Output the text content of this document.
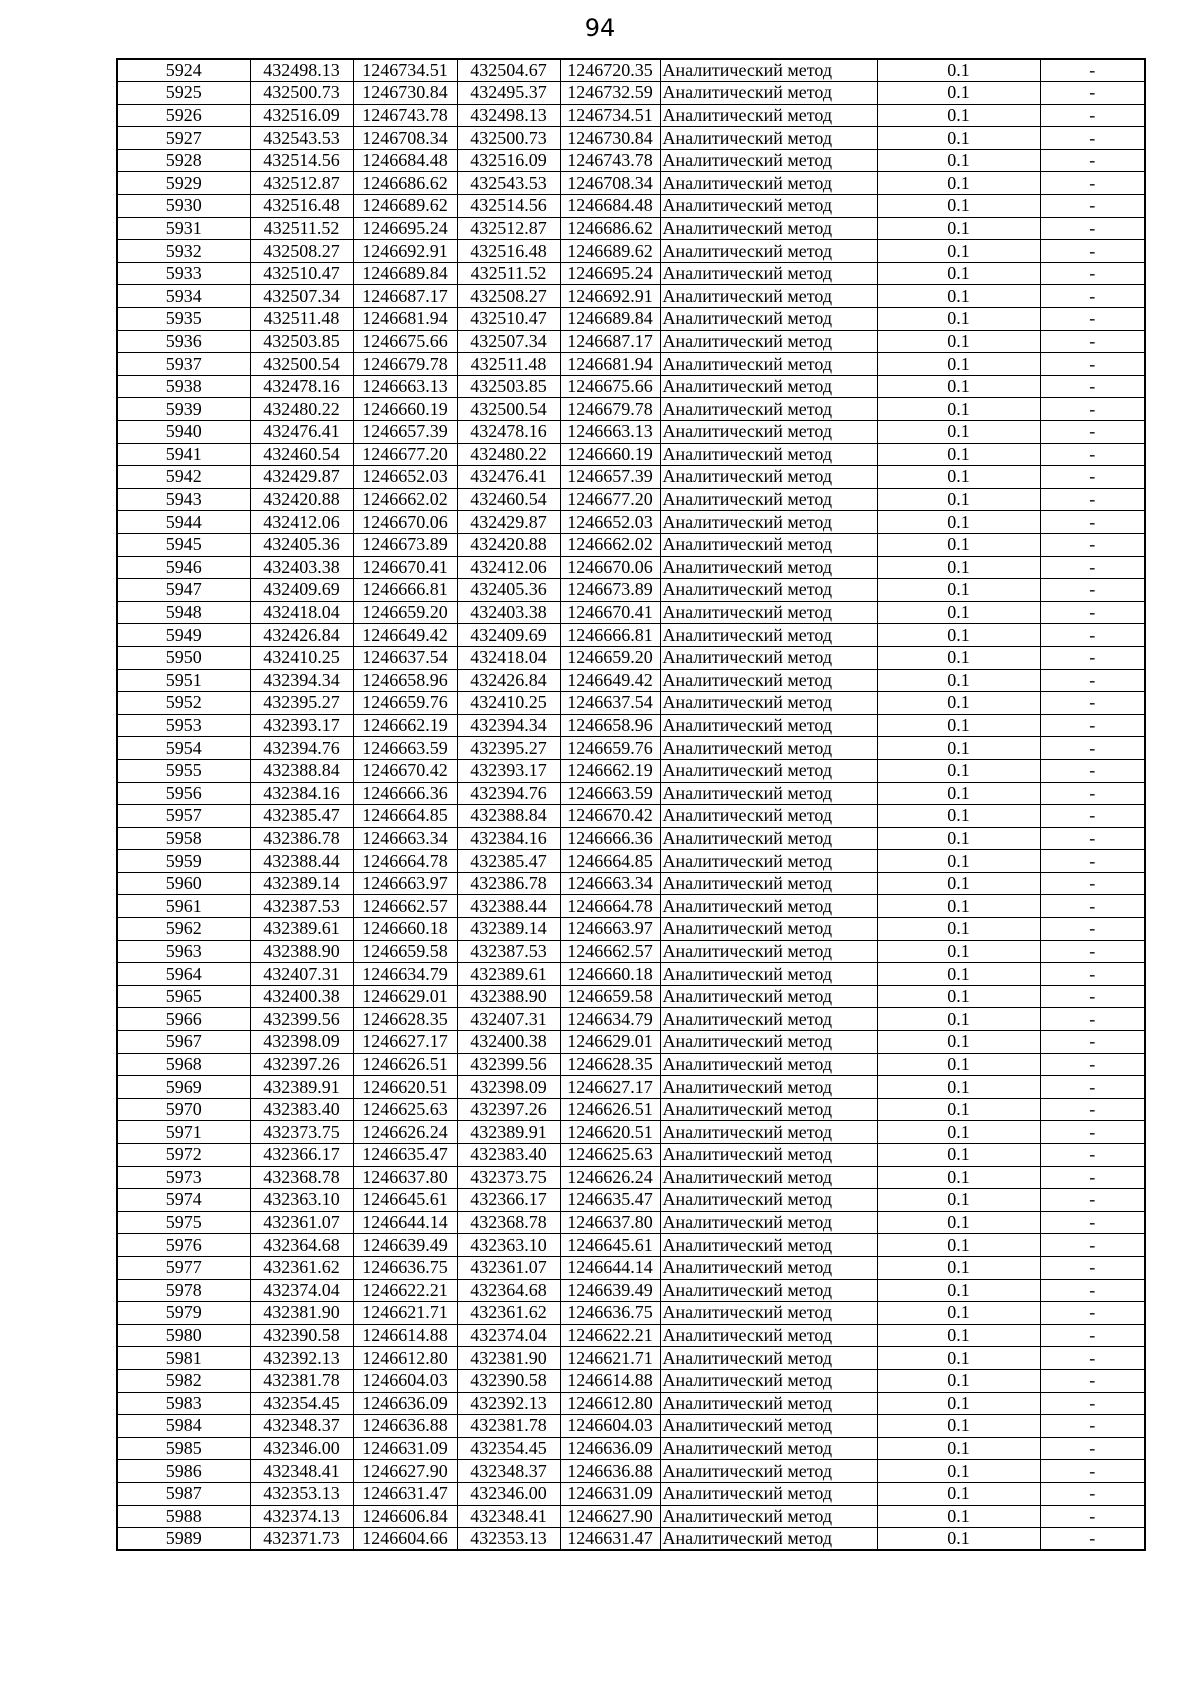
94
5924	432498.13	1246734.51	432504.67	1246720.35	Аналитический метод	0.1	-
5925	432500.73	1246730.84	432495.37	1246732.59	Аналитический метод	0.1	-
5926	432516.09	1246743.78	432498.13	1246734.51	Аналитический метод	0.1	-
5927	432543.53	1246708.34	432500.73	1246730.84	Аналитический метод	0.1	-
5928	432514.56	1246684.48	432516.09	1246743.78	Аналитический метод	0.1	-
5929	432512.87	1246686.62	432543.53	1246708.34	Аналитический метод	0.1	-
5930	432516.48	1246689.62	432514.56	1246684.48	Аналитический метод	0.1	-
5931	432511.52	1246695.24	432512.87	1246686.62	Аналитический метод	0.1	-
5932	432508.27	1246692.91	432516.48	1246689.62	Аналитический метод	0.1	-
5933	432510.47	1246689.84	432511.52	1246695.24	Аналитический метод	0.1	-
5934	432507.34	1246687.17	432508.27	1246692.91	Аналитический метод	0.1	-
5935	432511.48	1246681.94	432510.47	1246689.84	Аналитический метод	0.1	-
5936	432503.85	1246675.66	432507.34	1246687.17	Аналитический метод	0.1	-
5937	432500.54	1246679.78	432511.48	1246681.94	Аналитический метод	0.1	-
5938	432478.16	1246663.13	432503.85	1246675.66	Аналитический метод	0.1	-
5939	432480.22	1246660.19	432500.54	1246679.78	Аналитический метод	0.1	-
5940	432476.41	1246657.39	432478.16	1246663.13	Аналитический метод	0.1	-
5941	432460.54	1246677.20	432480.22	1246660.19	Аналитический метод	0.1	-
5942	432429.87	1246652.03	432476.41	1246657.39	Аналитический метод	0.1	-
5943	432420.88	1246662.02	432460.54	1246677.20	Аналитический метод	0.1	-
5944	432412.06	1246670.06	432429.87	1246652.03	Аналитический метод	0.1	-
5945	432405.36	1246673.89	432420.88	1246662.02	Аналитический метод	0.1	-
5946	432403.38	1246670.41	432412.06	1246670.06	Аналитический метод	0.1	-
5947	432409.69	1246666.81	432405.36	1246673.89	Аналитический метод	0.1	-
5948	432418.04	1246659.20	432403.38	1246670.41	Аналитический метод	0.1	-
5949	432426.84	1246649.42	432409.69	1246666.81	Аналитический метод	0.1	-
5950	432410.25	1246637.54	432418.04	1246659.20	Аналитический метод	0.1	-
5951	432394.34	1246658.96	432426.84	1246649.42	Аналитический метод	0.1	-
5952	432395.27	1246659.76	432410.25	1246637.54	Аналитический метод	0.1	-
5953	432393.17	1246662.19	432394.34	1246658.96	Аналитический метод	0.1	-
5954	432394.76	1246663.59	432395.27	1246659.76	Аналитический метод	0.1	-
5955	432388.84	1246670.42	432393.17	1246662.19	Аналитический метод	0.1	-
5956	432384.16	1246666.36	432394.76	1246663.59	Аналитический метод	0.1	-
5957	432385.47	1246664.85	432388.84	1246670.42	Аналитический метод	0.1	-
5958	432386.78	1246663.34	432384.16	1246666.36	Аналитический метод	0.1	-
5959	432388.44	1246664.78	432385.47	1246664.85	Аналитический метод	0.1	-
5960	432389.14	1246663.97	432386.78	1246663.34	Аналитический метод	0.1	-
5961	432387.53	1246662.57	432388.44	1246664.78	Аналитический метод	0.1	-
5962	432389.61	1246660.18	432389.14	1246663.97	Аналитический метод	0.1	-
5963	432388.90	1246659.58	432387.53	1246662.57	Аналитический метод	0.1	-
5964	432407.31	1246634.79	432389.61	1246660.18	Аналитический метод	0.1	-
5965	432400.38	1246629.01	432388.90	1246659.58	Аналитический метод	0.1	-
5966	432399.56	1246628.35	432407.31	1246634.79	Аналитический метод	0.1	-
5967	432398.09	1246627.17	432400.38	1246629.01	Аналитический метод	0.1	-
5968	432397.26	1246626.51	432399.56	1246628.35	Аналитический метод	0.1	-
5969	432389.91	1246620.51	432398.09	1246627.17	Аналитический метод	0.1	-
5970	432383.40	1246625.63	432397.26	1246626.51	Аналитический метод	0.1	-
5971	432373.75	1246626.24	432389.91	1246620.51	Аналитический метод	0.1	-
5972	432366.17	1246635.47	432383.40	1246625.63	Аналитический метод	0.1	-
5973	432368.78	1246637.80	432373.75	1246626.24	Аналитический метод	0.1	-
5974	432363.10	1246645.61	432366.17	1246635.47	Аналитический метод	0.1	-
5975	432361.07	1246644.14	432368.78	1246637.80	Аналитический метод	0.1	-
5976	432364.68	1246639.49	432363.10	1246645.61	Аналитический метод	0.1	-
5977	432361.62	1246636.75	432361.07	1246644.14	Аналитический метод	0.1	-
5978	432374.04	1246622.21	432364.68	1246639.49	Аналитический метод	0.1	-
5979	432381.90	1246621.71	432361.62	1246636.75	Аналитический метод	0.1	-
5980	432390.58	1246614.88	432374.04	1246622.21	Аналитический метод	0.1	-
5981	432392.13	1246612.80	432381.90	1246621.71	Аналитический метод	0.1	-
5982	432381.78	1246604.03	432390.58	1246614.88	Аналитический метод	0.1	-
5983	432354.45	1246636.09	432392.13	1246612.80	Аналитический метод	0.1	-
5984	432348.37	1246636.88	432381.78	1246604.03	Аналитический метод	0.1	-
5985	432346.00	1246631.09	432354.45	1246636.09	Аналитический метод	0.1	-
5986	432348.41	1246627.90	432348.37	1246636.88	Аналитический метод	0.1	-
5987	432353.13	1246631.47	432346.00	1246631.09	Аналитический метод	0.1	-
5988	432374.13	1246606.84	432348.41	1246627.90	Аналитический метод	0.1	-
5989	432371.73	1246604.66	432353.13	1246631.47	Аналитический метод	0.1	-
